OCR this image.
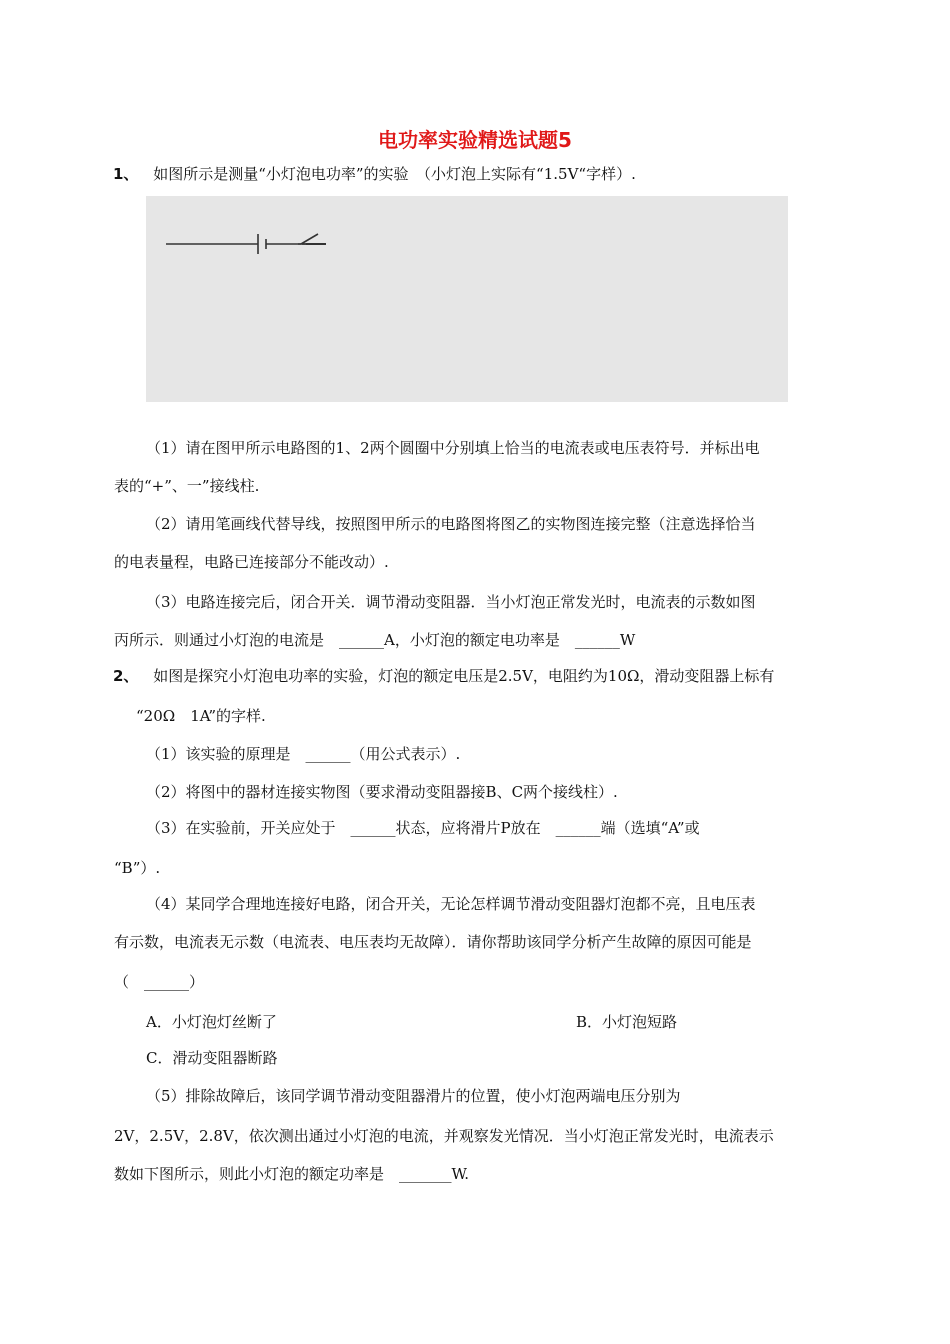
电功率实验精选试题5
1、 如图所示是测量“小灯泡电功率”的实验　（小灯泡上实际有“1.5V“字样）.
（1）请在图甲所示电路图的1、2两个圆圈中分别填上恰当的电流表或电压表符号．并标出电
表的“+”、一”接线柱.
（2）请用笔画线代替导线，按照图甲所示的电路图将图乙的实物图连接完整（注意选择恰当
的电表量程，电路已连接部分不能改动）.
（3）电路连接完后，闭合开关．调节滑动变阻器．当小灯泡正常发光时，电流表的示数如图
丙所示．则通过小灯泡的电流是　______A，小灯泡的额定电功率是　______W
2、 如图是探究小灯泡电功率的实验，灯泡的额定电压是2.5V，电阻约为10Ω，滑动变阻器上标有
“20Ω　1A”的字样.
（1）该实验的原理是　______（用公式表示）.
（2）将图中的器材连接实物图（要求滑动变阻器接B、C两个接线柱）.
（3）在实验前，开关应处于　______状态，应将滑片P放在　______端（选填“A”或
“B”）.
（4）某同学合理地连接好电路，闭合开关，无论怎样调节滑动变阻器灯泡都不亮，且电压表
有示数，电流表无示数（电流表、电压表均无故障）．请你帮助该同学分析产生故障的原因可能是
（　______）
A．小灯泡灯丝断了	B．小灯泡短路
C．滑动变阻器断路
（5）排除故障后，该同学调节滑动变阻器滑片的位置，使小灯泡两端电压分别为
2V，2.5V，2.8V，依次测出通过小灯泡的电流，并观察发光情况．当小灯泡正常发光时，电流表示
数如下图所示，则此小灯泡的额定功率是　_______W.
